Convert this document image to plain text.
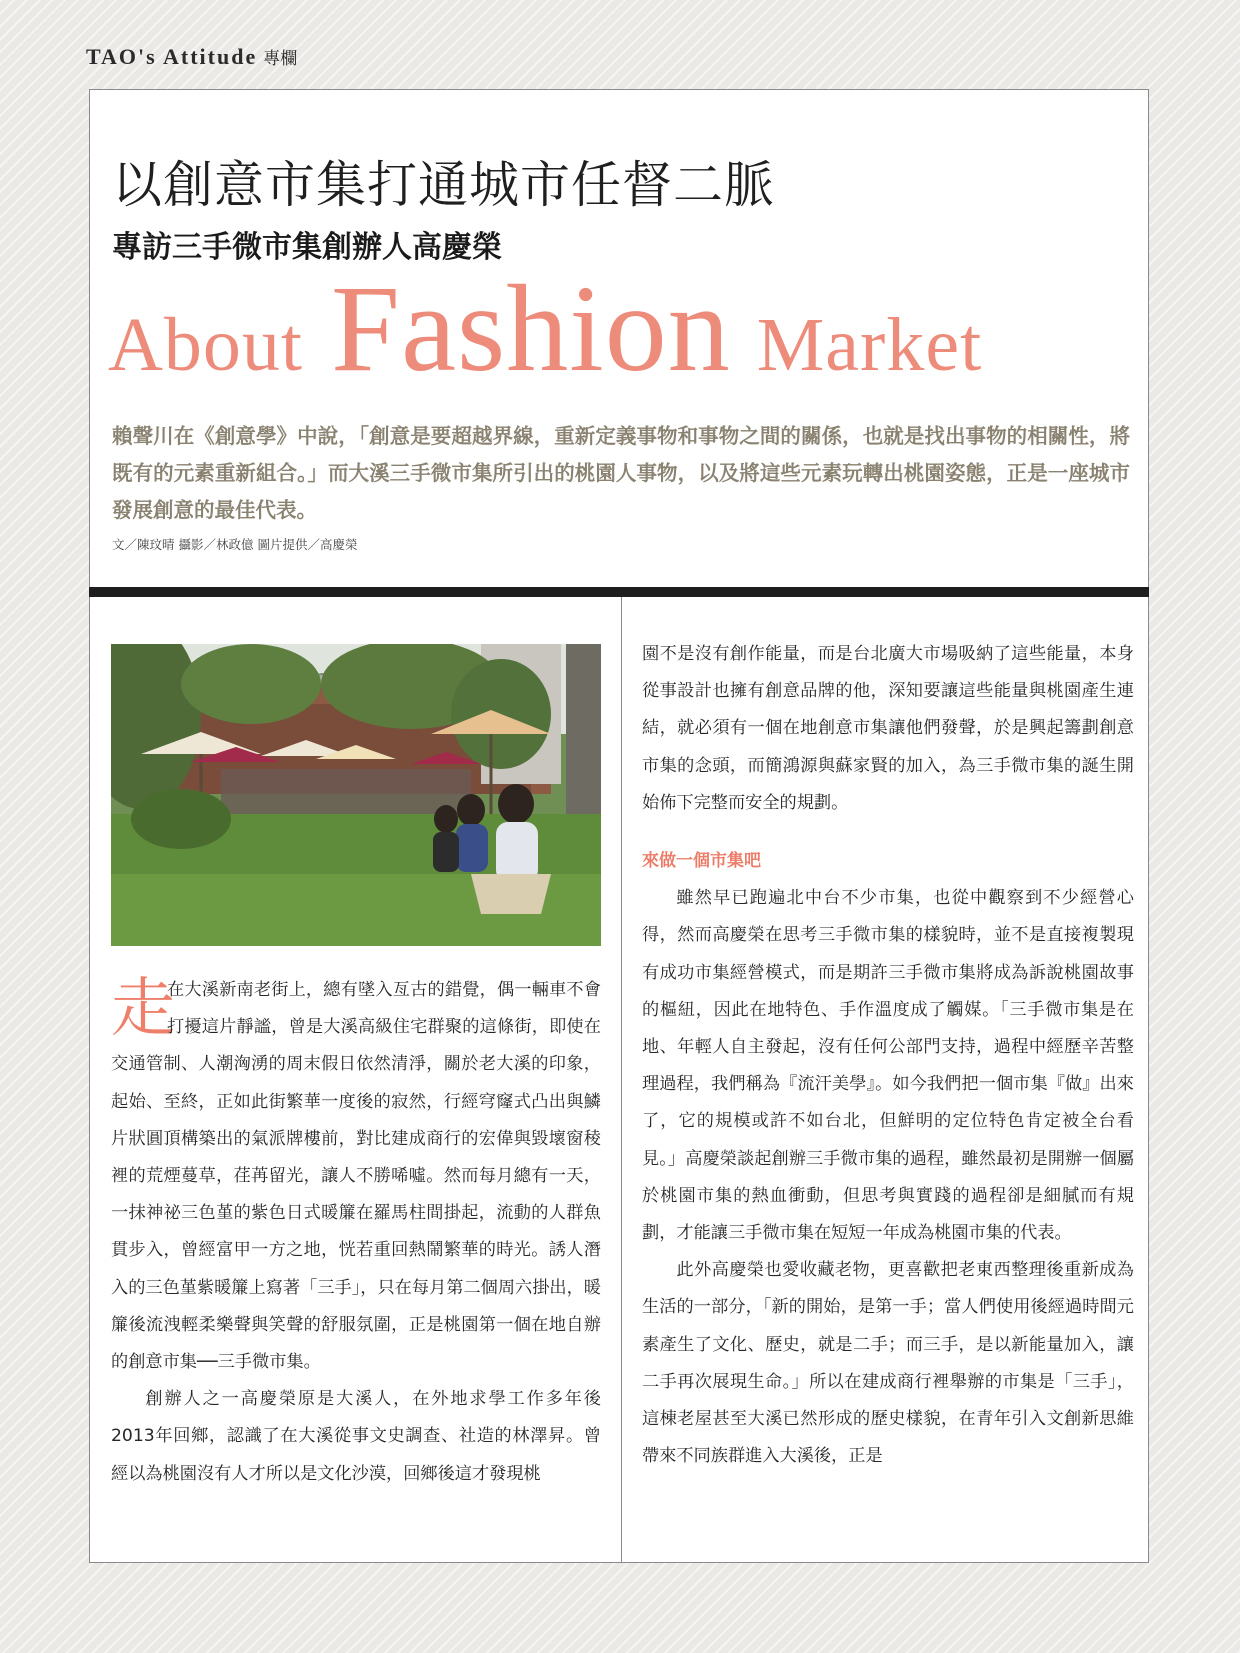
TAO's Attitude 專欄
以創意市集打通城市任督二脈
專訪三手微市集創辦人高慶榮
About Fashion Market

賴聲川在《創意學》中說，「創意是要超越界線，重新定義事物和事物之間的關係，也就是找出事物的相關性，將既有的元素重新組合。」而大溪三手微市集所引出的桃園人事物，以及將這些元素玩轉出桃園姿態，正是一座城市發展創意的最佳代表。

文／陳玟晴 攝影／林政億 圖片提供／高慶榮

走
在大溪新南老街上，總有墜入亙古的錯覺，偶一輛車不會打擾這片靜謐，曾是大溪高級住宅群聚的這條街，即使在交通管制、人潮洶湧的周末假日依然清淨，關於老大溪的印象，起始、至終，正如此街繁華一度後的寂然，行經穹窿式凸出與鱗片狀圓頂構築出的氣派牌樓前，對比建成商行的宏偉與毀壞窗稜裡的荒煙蔓草，荏苒留光，讓人不勝唏噓。然而每月總有一天，一抹神祕三色堇的紫色日式暖簾在羅馬柱間掛起，流動的人群魚貫步入，曾經富甲一方之地，恍若重回熱鬧繁華的時光。誘人潛入的三色堇紫暖簾上寫著「三手」，只在每月第二個周六掛出，暖簾後流洩輕柔樂聲與笑聲的舒服氛圍，正是桃園第一個在地自辦的創意市集──三手微市集。

創辦人之一高慶榮原是大溪人，在外地求學工作多年後2013年回鄉，認識了在大溪從事文史調查、社造的林澤昇。曾經以為桃園沒有人才所以是文化沙漠，回鄉後這才發現桃

園不是沒有創作能量，而是台北廣大市場吸納了這些能量，本身從事設計也擁有創意品牌的他，深知要讓這些能量與桃園產生連結，就必須有一個在地創意市集讓他們發聲，於是興起籌劃創意市集的念頭，而簡鴻源與蘇家賢的加入，為三手微市集的誕生開始佈下完整而安全的規劃。

來做一個市集吧

雖然早已跑遍北中台不少市集，也從中觀察到不少經營心得，然而高慶榮在思考三手微市集的樣貌時，並不是直接複製現有成功市集經營模式，而是期許三手微市集將成為訴說桃園故事的樞紐，因此在地特色、手作溫度成了觸媒。「三手微市集是在地、年輕人自主發起，沒有任何公部門支持，過程中經歷辛苦整理過程，我們稱為『流汗美學』。如今我們把一個市集『做』出來了，它的規模或許不如台北，但鮮明的定位特色肯定被全台看見。」高慶榮談起創辦三手微市集的過程，雖然最初是開辦一個屬於桃園市集的熱血衝動，但思考與實踐的過程卻是細膩而有規劃，才能讓三手微市集在短短一年成為桃園市集的代表。

此外高慶榮也愛收藏老物，更喜歡把老東西整理後重新成為生活的一部分，「新的開始，是第一手；當人們使用後經過時間元素產生了文化、歷史，就是二手；而三手，是以新能量加入，讓二手再次展現生命。」所以在建成商行裡舉辦的市集是「三手」，這棟老屋甚至大溪已然形成的歷史樣貌，在青年引入文創新思維帶來不同族群進入大溪後，正是
